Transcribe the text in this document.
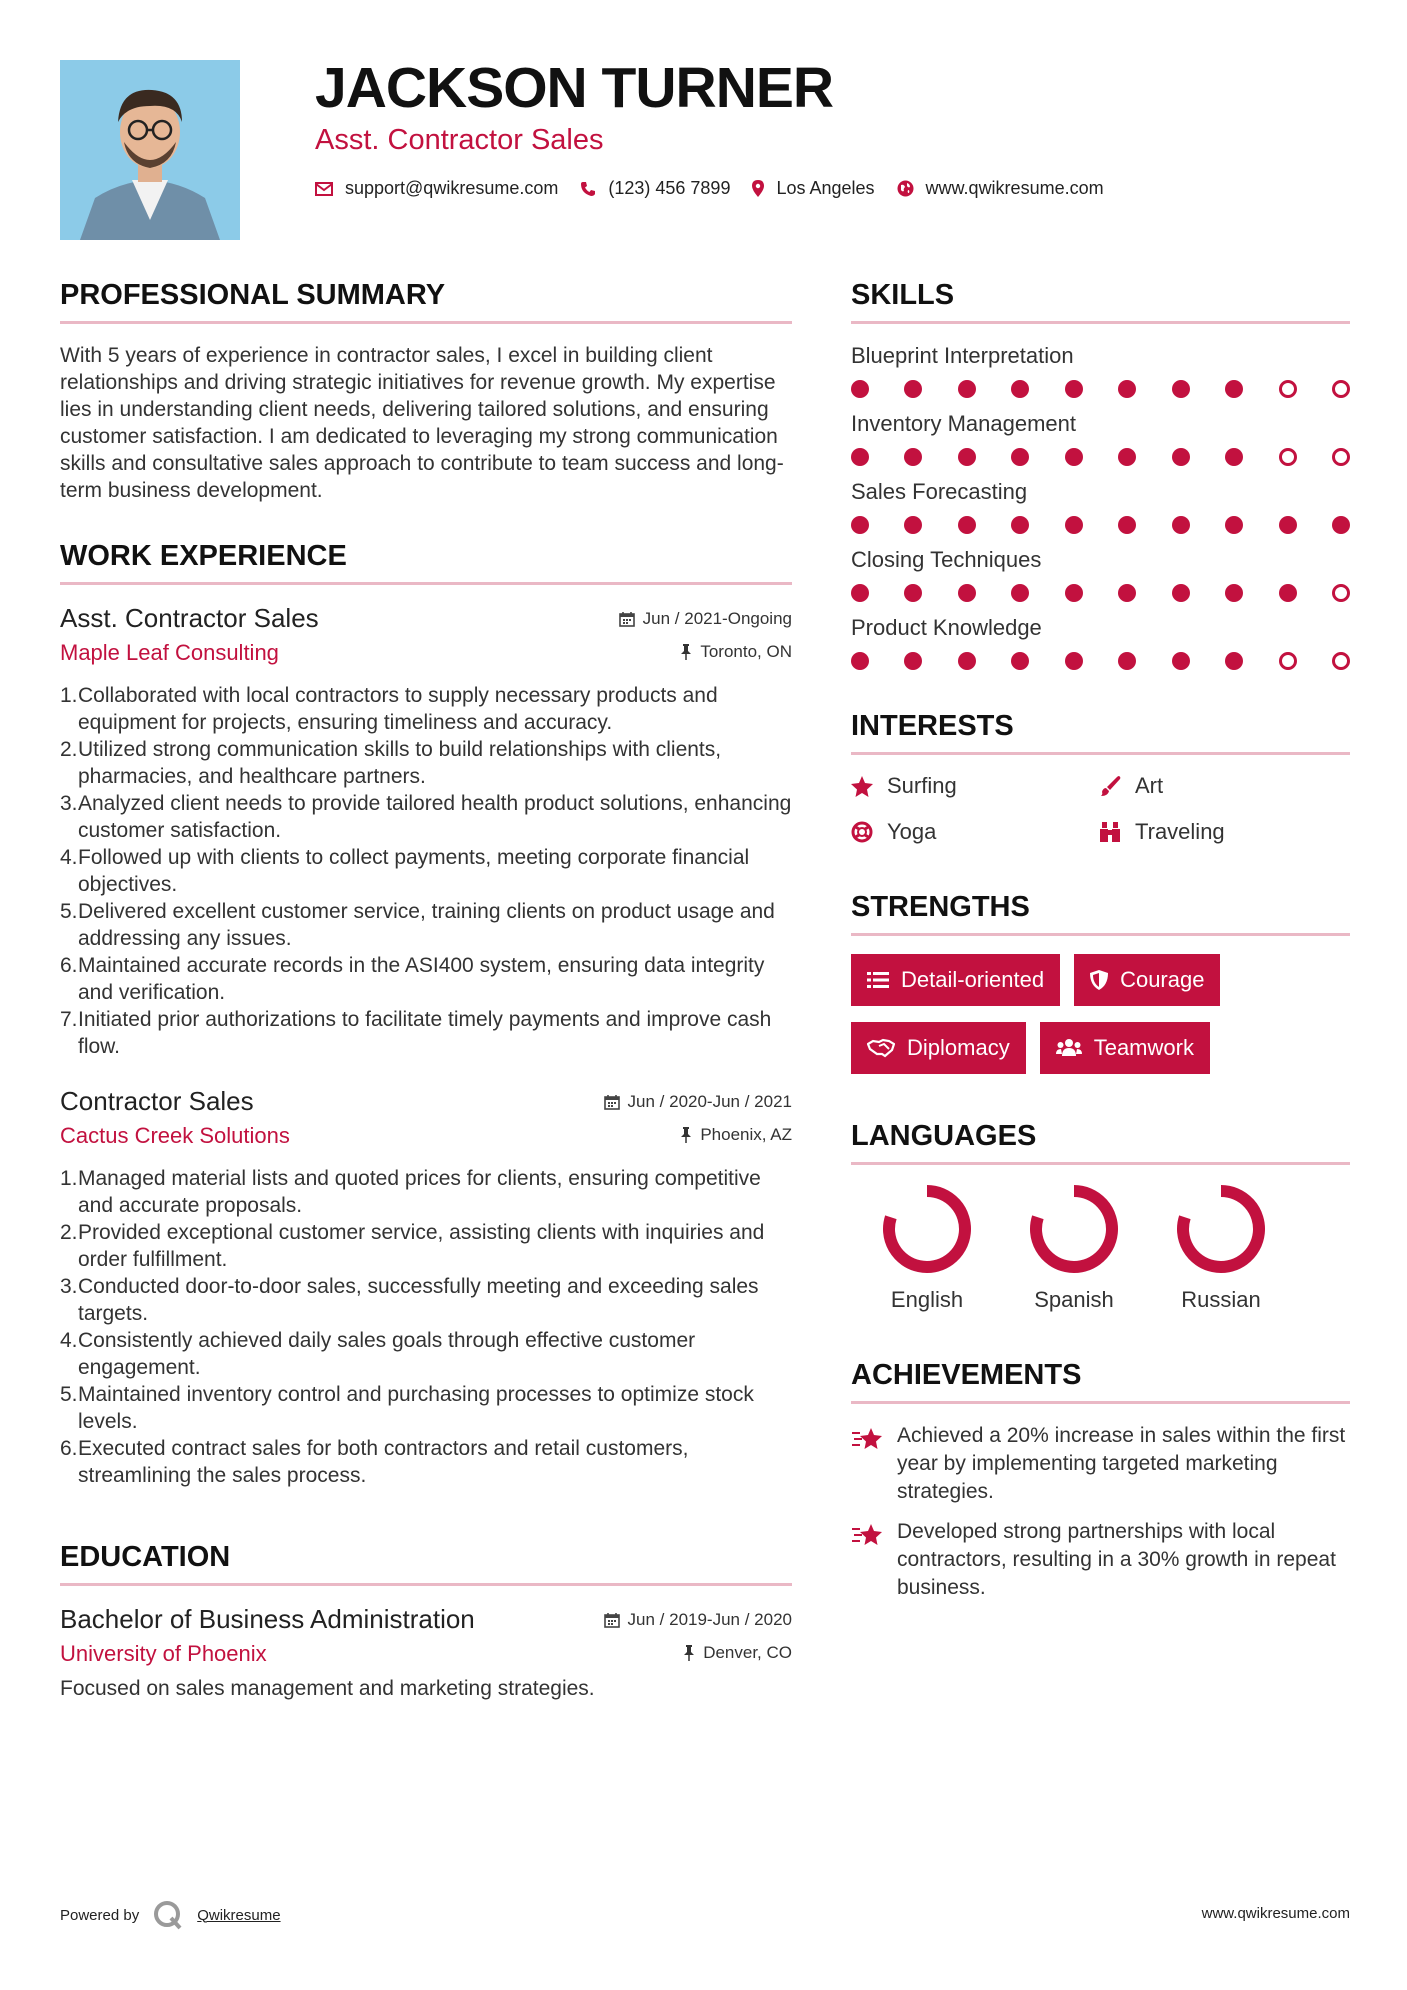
JACKSON TURNER
Asst. Contractor Sales
support@qwikresume.com	(123) 456 7899	Los Angeles	www.qwikresume.com
PROFESSIONAL SUMMARY

With 5 years of experience in contractor sales, I excel in building client relationships and driving strategic initiatives for revenue growth. My expertise lies in understanding client needs, delivering tailored solutions, and ensuring customer satisfaction. I am dedicated to leveraging my strong communication skills and consultative sales approach to contribute to team success and long-term business development.

WORK EXPERIENCE
Asst. Contractor Sales	Jun / 2021-Ongoing
Maple Leaf Consulting	Toronto, ON
1. Collaborated with local contractors to supply necessary products and equipment for projects, ensuring timeliness and accuracy.
2. Utilized strong communication skills to build relationships with clients, pharmacies, and healthcare partners.
3. Analyzed client needs to provide tailored health product solutions, enhancing customer satisfaction.
4. Followed up with clients to collect payments, meeting corporate financial objectives.
5. Delivered excellent customer service, training clients on product usage and addressing any issues.
6. Maintained accurate records in the ASI400 system, ensuring data integrity and verification.
7. Initiated prior authorizations to facilitate timely payments and improve cash flow.
Contractor Sales	Jun / 2020-Jun / 2021
Cactus Creek Solutions	Phoenix, AZ
1. Managed material lists and quoted prices for clients, ensuring competitive and accurate proposals.
2. Provided exceptional customer service, assisting clients with inquiries and order fulfillment.
3. Conducted door-to-door sales, successfully meeting and exceeding sales targets.
4. Consistently achieved daily sales goals through effective customer engagement.
5. Maintained inventory control and purchasing processes to optimize stock levels.
6. Executed contract sales for both contractors and retail customers, streamlining the sales process.
EDUCATION
Bachelor of Business Administration	Jun / 2019-Jun / 2020
University of Phoenix	Denver, CO

Focused on sales management and marketing strategies.

SKILLS
Blueprint Interpretation
Inventory Management
Sales Forecasting
Closing Techniques
Product Knowledge
INTERESTS
Surfing	Art
Yoga	Traveling
STRENGTHS
Detail-oriented	Courage
Diplomacy	Teamwork
LANGUAGES
English	Spanish	Russian
ACHIEVEMENTS
Achieved a 20% increase in sales within the first year by implementing targeted marketing strategies.
Developed strong partnerships with local contractors, resulting in a 30% growth in repeat business.
Powered by	Qwikresume	www.qwikresume.com
